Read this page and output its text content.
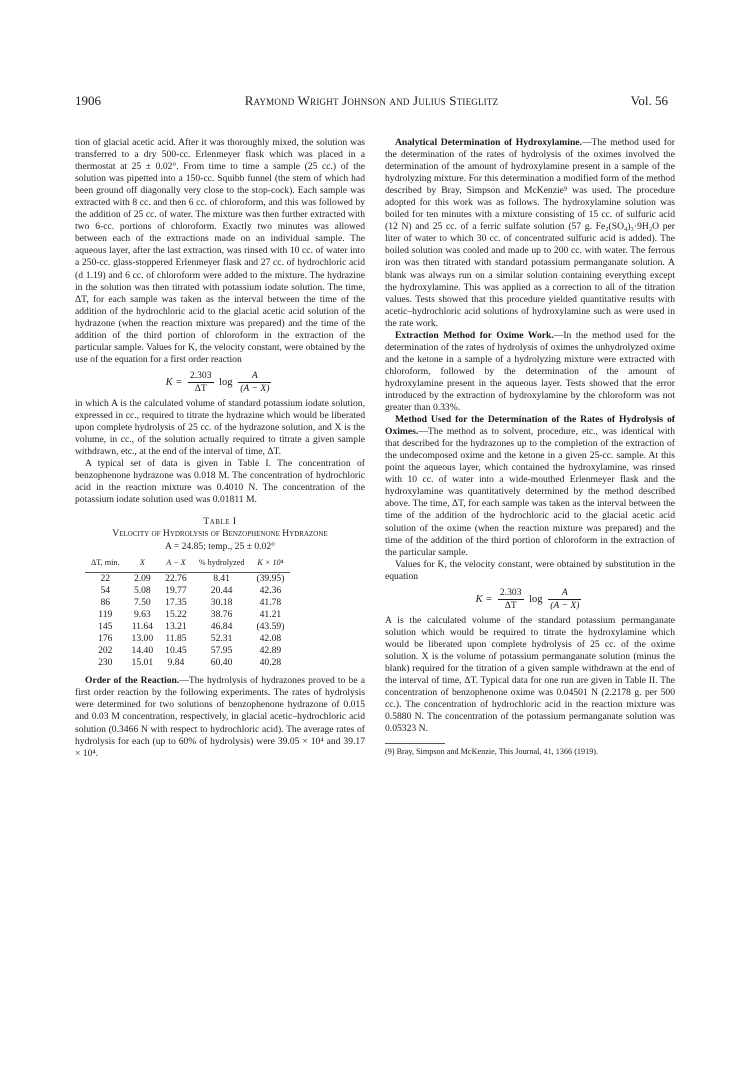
1906	Raymond Wright Johnson and Julius Stieglitz	Vol. 56

tion of glacial acetic acid. After it was thoroughly mixed, the solution was transferred to a dry 500-cc. Erlenmeyer flask which was placed in a thermostat at 25 ± 0.02°. From time to time a sample (25 cc.) of the solution was pipetted into a 150-cc. Squibb funnel (the stem of which had been ground off diagonally very close to the stop-cock). Each sample was extracted with 8 cc. and then 6 cc. of chloroform, and this was followed by the addition of 25 cc. of water. The mixture was then further extracted with two 6-cc. portions of chloroform. Exactly two minutes was allowed between each of the extractions made on an individual sample. The aqueous layer, after the last extraction, was rinsed with 10 cc. of water into a 250-cc. glass-stoppered Erlenmeyer flask and 27 cc. of hydrochloric acid (d 1.19) and 6 cc. of chloroform were added to the mixture. The hydrazine in the solution was then titrated with potassium iodate solution. The time, ΔT, for each sample was taken as the interval between the time of the addition of the hydrochloric acid to the glacial acetic acid solution of the hydrazone (when the reaction mixture was prepared) and the time of the addition of the third portion of chloroform in the extraction of the particular sample. Values for K, the velocity constant, were obtained by the use of the equation for a first order reaction

$K = \frac{2.303}{\Delta T}$ $\log \frac{A}{(A - X)}$

in which A is the calculated volume of standard potassium iodate solution, expressed in cc., required to titrate the hydrazine which would be liberated upon complete hydrolysis of 25 cc. of the hydrazone solution, and X is the volume, in cc., of the solution actually required to titrate a given sample withdrawn, etc., at the end of the interval of time, ΔT.

A typical set of data is given in Table I. The concentration of benzophenone hydrazone was 0.018 M. The concentration of hydrochloric acid in the reaction mixture was 0.4010 N. The concentration of the potassium iodate solution used was 0.01811 M.

Table I
Velocity of Hydrolysis of Benzophenone Hydrazone
A = 24.85; temp., 25 ± 0.02°
ΔT, min.	X	A − X	% hydrolyzed	K × 10⁴
22	2.09	22.76	8.41	(39.95)
54	5.08	19.77	20.44	42.36
86	7.50	17.35	30.18	41.78
119	9.63	15.22	38.76	41.21
145	11.64	13.21	46.84	(43.59)
176	13.00	11.85	52.31	42.08
202	14.40	10.45	57.95	42.89
230	15.01	9.84	60.40	40.28

Order of the Reaction.—The hydrolysis of hydrazones proved to be a first order reaction by the following experiments. The rates of hydrolysis were determined for two solutions of benzophenone hydrazone of 0.015 and 0.03 M concentration, respectively, in glacial acetic–hydrochloric acid solution (0.3466 N with respect to hydrochloric acid). The average rates of hydrolysis for each (up to 60% of hydrolysis) were 39.05 × 10⁴ and 39.17 × 10⁴.

Analytical Determination of Hydroxylamine.—The method used for the determination of the rates of hydrolysis of the oximes involved the determination of the amount of hydroxylamine present in a sample of the hydrolyzing mixture. For this determination a modified form of the method described by Bray, Simpson and McKenzie⁹ was used. The procedure adopted for this work was as follows. The hydroxylamine solution was boiled for ten minutes with a mixture consisting of 15 cc. of sulfuric acid (12 N) and 25 cc. of a ferric sulfate solution (57 g. Fe₂(SO₄)₃·9H₂O per liter of water to which 30 cc. of concentrated sulfuric acid is added). The boiled solution was cooled and made up to 200 cc. with water. The ferrous iron was then titrated with standard potassium permanganate solution. A blank was always run on a similar solution containing everything except the hydroxylamine. This was applied as a correction to all of the titration values. Tests showed that this procedure yielded quantitative results with acetic–hydrochloric acid solutions of hydroxylamine such as were used in the rate work.

Extraction Method for Oxime Work.—In the method used for the determination of the rates of hydrolysis of oximes the unhydrolyzed oxime and the ketone in a sample of a hydrolyzing mixture were extracted with chloroform, followed by the determination of the amount of hydroxylamine present in the aqueous layer. Tests showed that the error introduced by the extraction of hydroxylamine by the chloroform was not greater than 0.33%.

Method Used for the Determination of the Rates of Hydrolysis of Oximes.—The method as to solvent, procedure, etc., was identical with that described for the hydrazones up to the completion of the extraction of the undecomposed oxime and the ketone in a given 25-cc. sample. At this point the aqueous layer, which contained the hydroxylamine, was rinsed with 10 cc. of water into a wide-mouthed Erlenmeyer flask and the hydroxylamine was quantitatively determined by the method described above. The time, ΔT, for each sample was taken as the interval between the time of the addition of the hydrochloric acid to the glacial acetic acid solution of the oxime (when the reaction mixture was prepared) and the time of the addition of the third portion of chloroform in the extraction of the particular sample.

Values for K, the velocity constant, were obtained by substitution in the equation

$K = \frac{2.303}{\Delta T}$ $\log \frac{A}{(A - X)}$

A is the calculated volume of the standard potassium permanganate solution which would be required to titrate the hydroxylamine which would be liberated upon complete hydrolysis of 25 cc. of the oxime solution. X is the volume of potassium permanganate solution (minus the blank) required for the titration of a given sample withdrawn at the end of the interval of time, ΔT. Typical data for one run are given in Table II. The concentration of benzophenone oxime was 0.04501 N (2.2178 g. per 500 cc.). The concentration of hydrochloric acid in the reaction mixture was 0.5880 N. The concentration of the potassium permanganate solution was 0.05323 N.

(9) Bray, Simpson and McKenzie, This Journal, 41, 1366 (1919).
